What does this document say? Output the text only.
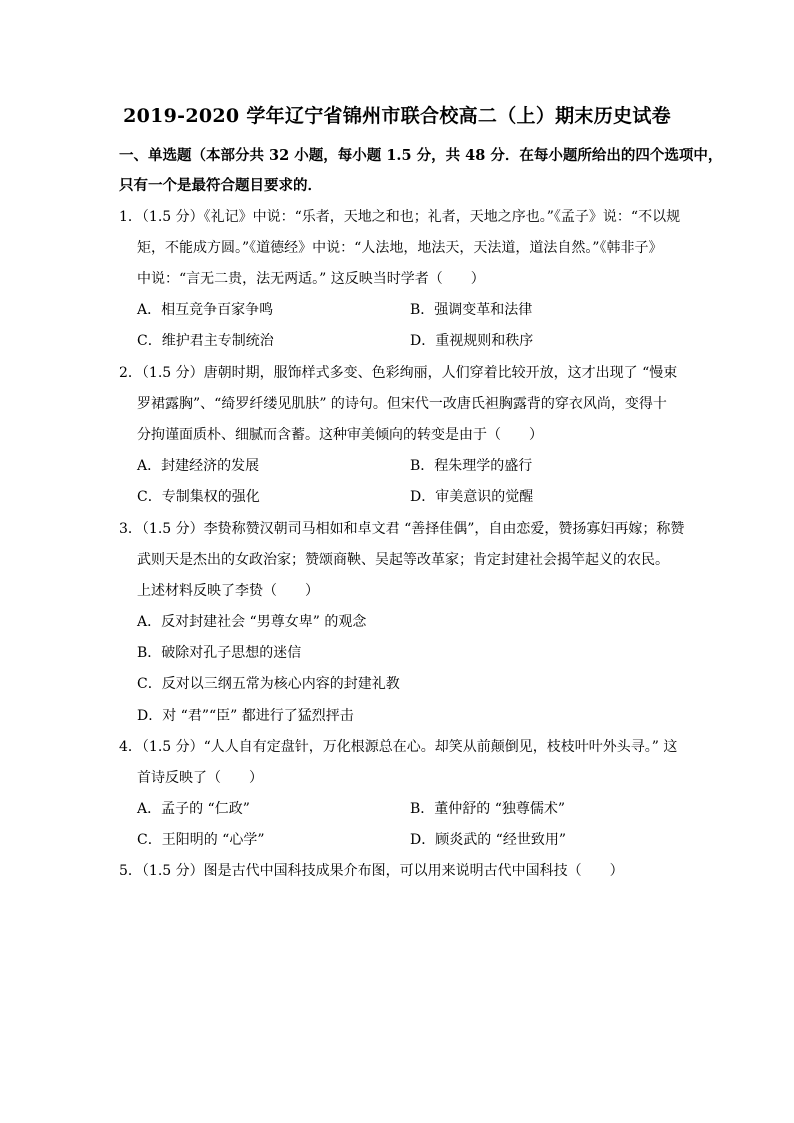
2019-2020 学年辽宁省锦州市联合校高二（上）期末历史试卷
一、单选题（本部分共 32 小题，每小题 1.5 分，共 48 分．在每小题所给出的四个选项中，
只有一个是最符合题目要求的．
1．（1.5 分）《礼记》中说：“乐者，天地之和也；礼者，天地之序也。”《孟子》说：“不以规
矩，不能成方圆。”《道德经》中说：“人法地，地法天，天法道，道法自然。”《韩非子》
中说：“言无二贵，法无两适。” 这反映当时学者（　　）
A．相互竞争百家争鸣	B．强调变革和法律
C．维护君主专制统治	D．重视规则和秩序
2．（1.5 分）唐朝时期，服饰样式多变、色彩绚丽，人们穿着比较开放，这才出现了 “慢束
罗裙露胸”、“绮罗纤缕见肌肤” 的诗句。但宋代一改唐氏袒胸露背的穿衣风尚，变得十
分拘谨面质朴、细腻而含蓄。这种审美倾向的转变是由于（　　）
A．封建经济的发展	B．程朱理学的盛行
C．专制集权的强化	D．审美意识的觉醒
3．（1.5 分）李贽称赞汉朝司马相如和卓文君 “善择佳偶”，自由恋爱，赞扬寡妇再嫁；称赞
武则天是杰出的女政治家；赞颂商鞅、吴起等改革家；肯定封建社会揭竿起义的农民。
上述材料反映了李贽（　　）
A．反对封建社会 “男尊女卑” 的观念
B．破除对孔子思想的迷信
C．反对以三纲五常为核心内容的封建礼教
D．对 “君”“臣” 都进行了猛烈抨击
4．（1.5 分）“人人自有定盘针，万化根源总在心。却笑从前颠倒见，枝枝叶叶外头寻。” 这
首诗反映了（　　）
A．孟子的 “仁政”	B．董仲舒的 “独尊儒术”
C．王阳明的 “心学”	D．顾炎武的 “经世致用”
5．（1.5 分）图是古代中国科技成果介布图，可以用来说明古代中国科技（　　）
